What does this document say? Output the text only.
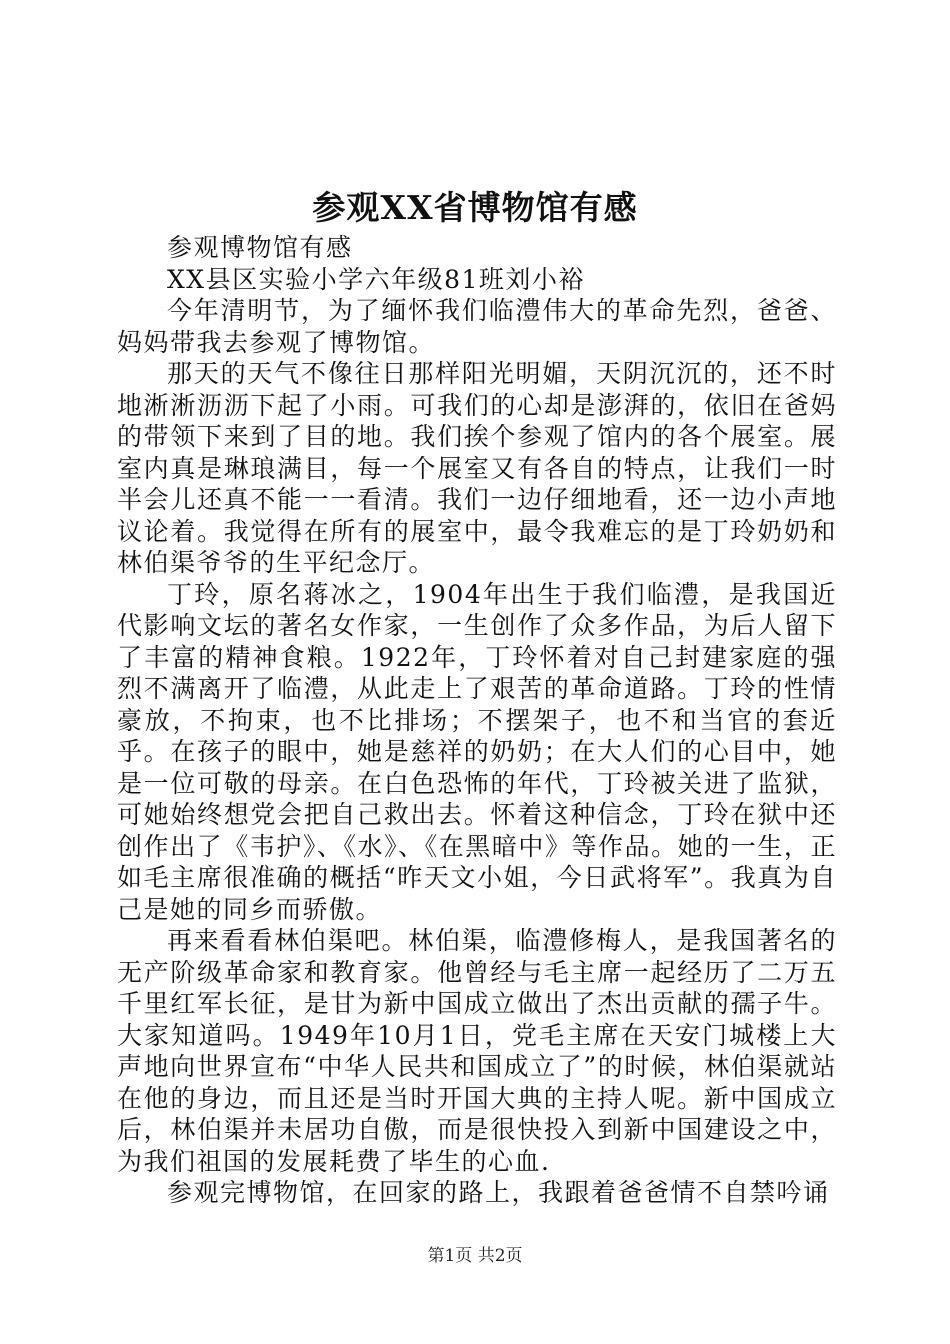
参观XX省博物馆有感

参观博物馆有感

XX县区实验小学六年级81班刘小裕

今年清明节，为了缅怀我们临澧伟大的革命先烈，爸爸、妈妈带我去参观了博物馆。

那天的天气不像往日那样阳光明媚，天阴沉沉的，还不时地淅淅沥沥下起了小雨。可我们的心却是澎湃的，依旧在爸妈的带领下来到了目的地。我们挨个参观了馆内的各个展室。展室内真是琳琅满目，每一个展室又有各自的特点，让我们一时半会儿还真不能一一看清。我们一边仔细地看，还一边小声地议论着。我觉得在所有的展室中，最令我难忘的是丁玲奶奶和林伯渠爷爷的生平纪念厅。

丁玲，原名蒋冰之，1904年出生于我们临澧，是我国近代影响文坛的著名女作家，一生创作了众多作品，为后人留下了丰富的精神食粮。1922年，丁玲怀着对自己封建家庭的强烈不满离开了临澧，从此走上了艰苦的革命道路。丁玲的性情豪放，不拘束，也不比排场；不摆架子，也不和当官的套近乎。在孩子的眼中，她是慈祥的奶奶；在大人们的心目中，她是一位可敬的母亲。在白色恐怖的年代，丁玲被关进了监狱，可她始终想党会把自己救出去。怀着这种信念，丁玲在狱中还创作出了《韦护》、《水》、《在黑暗中》等作品。她的一生，正如毛主席很准确的概括“昨天文小姐，今日武将军”。我真为自己是她的同乡而骄傲。

再来看看林伯渠吧。林伯渠，临澧修梅人，是我国著名的无产阶级革命家和教育家。他曾经与毛主席一起经历了二万五千里红军长征，是甘为新中国成立做出了杰出贡献的孺子牛。大家知道吗。1949年10月1日，党毛主席在天安门城楼上大声地向世界宣布“中华人民共和国成立了”的时候，林伯渠就站在他的身边，而且还是当时开国大典的主持人呢。新中国成立后，林伯渠并未居功自傲，而是很快投入到新中国建设之中，为我们祖国的发展耗费了毕生的心血.

参观完博物馆，在回家的路上，我跟着爸爸情不自禁吟诵

第1页 共2页
